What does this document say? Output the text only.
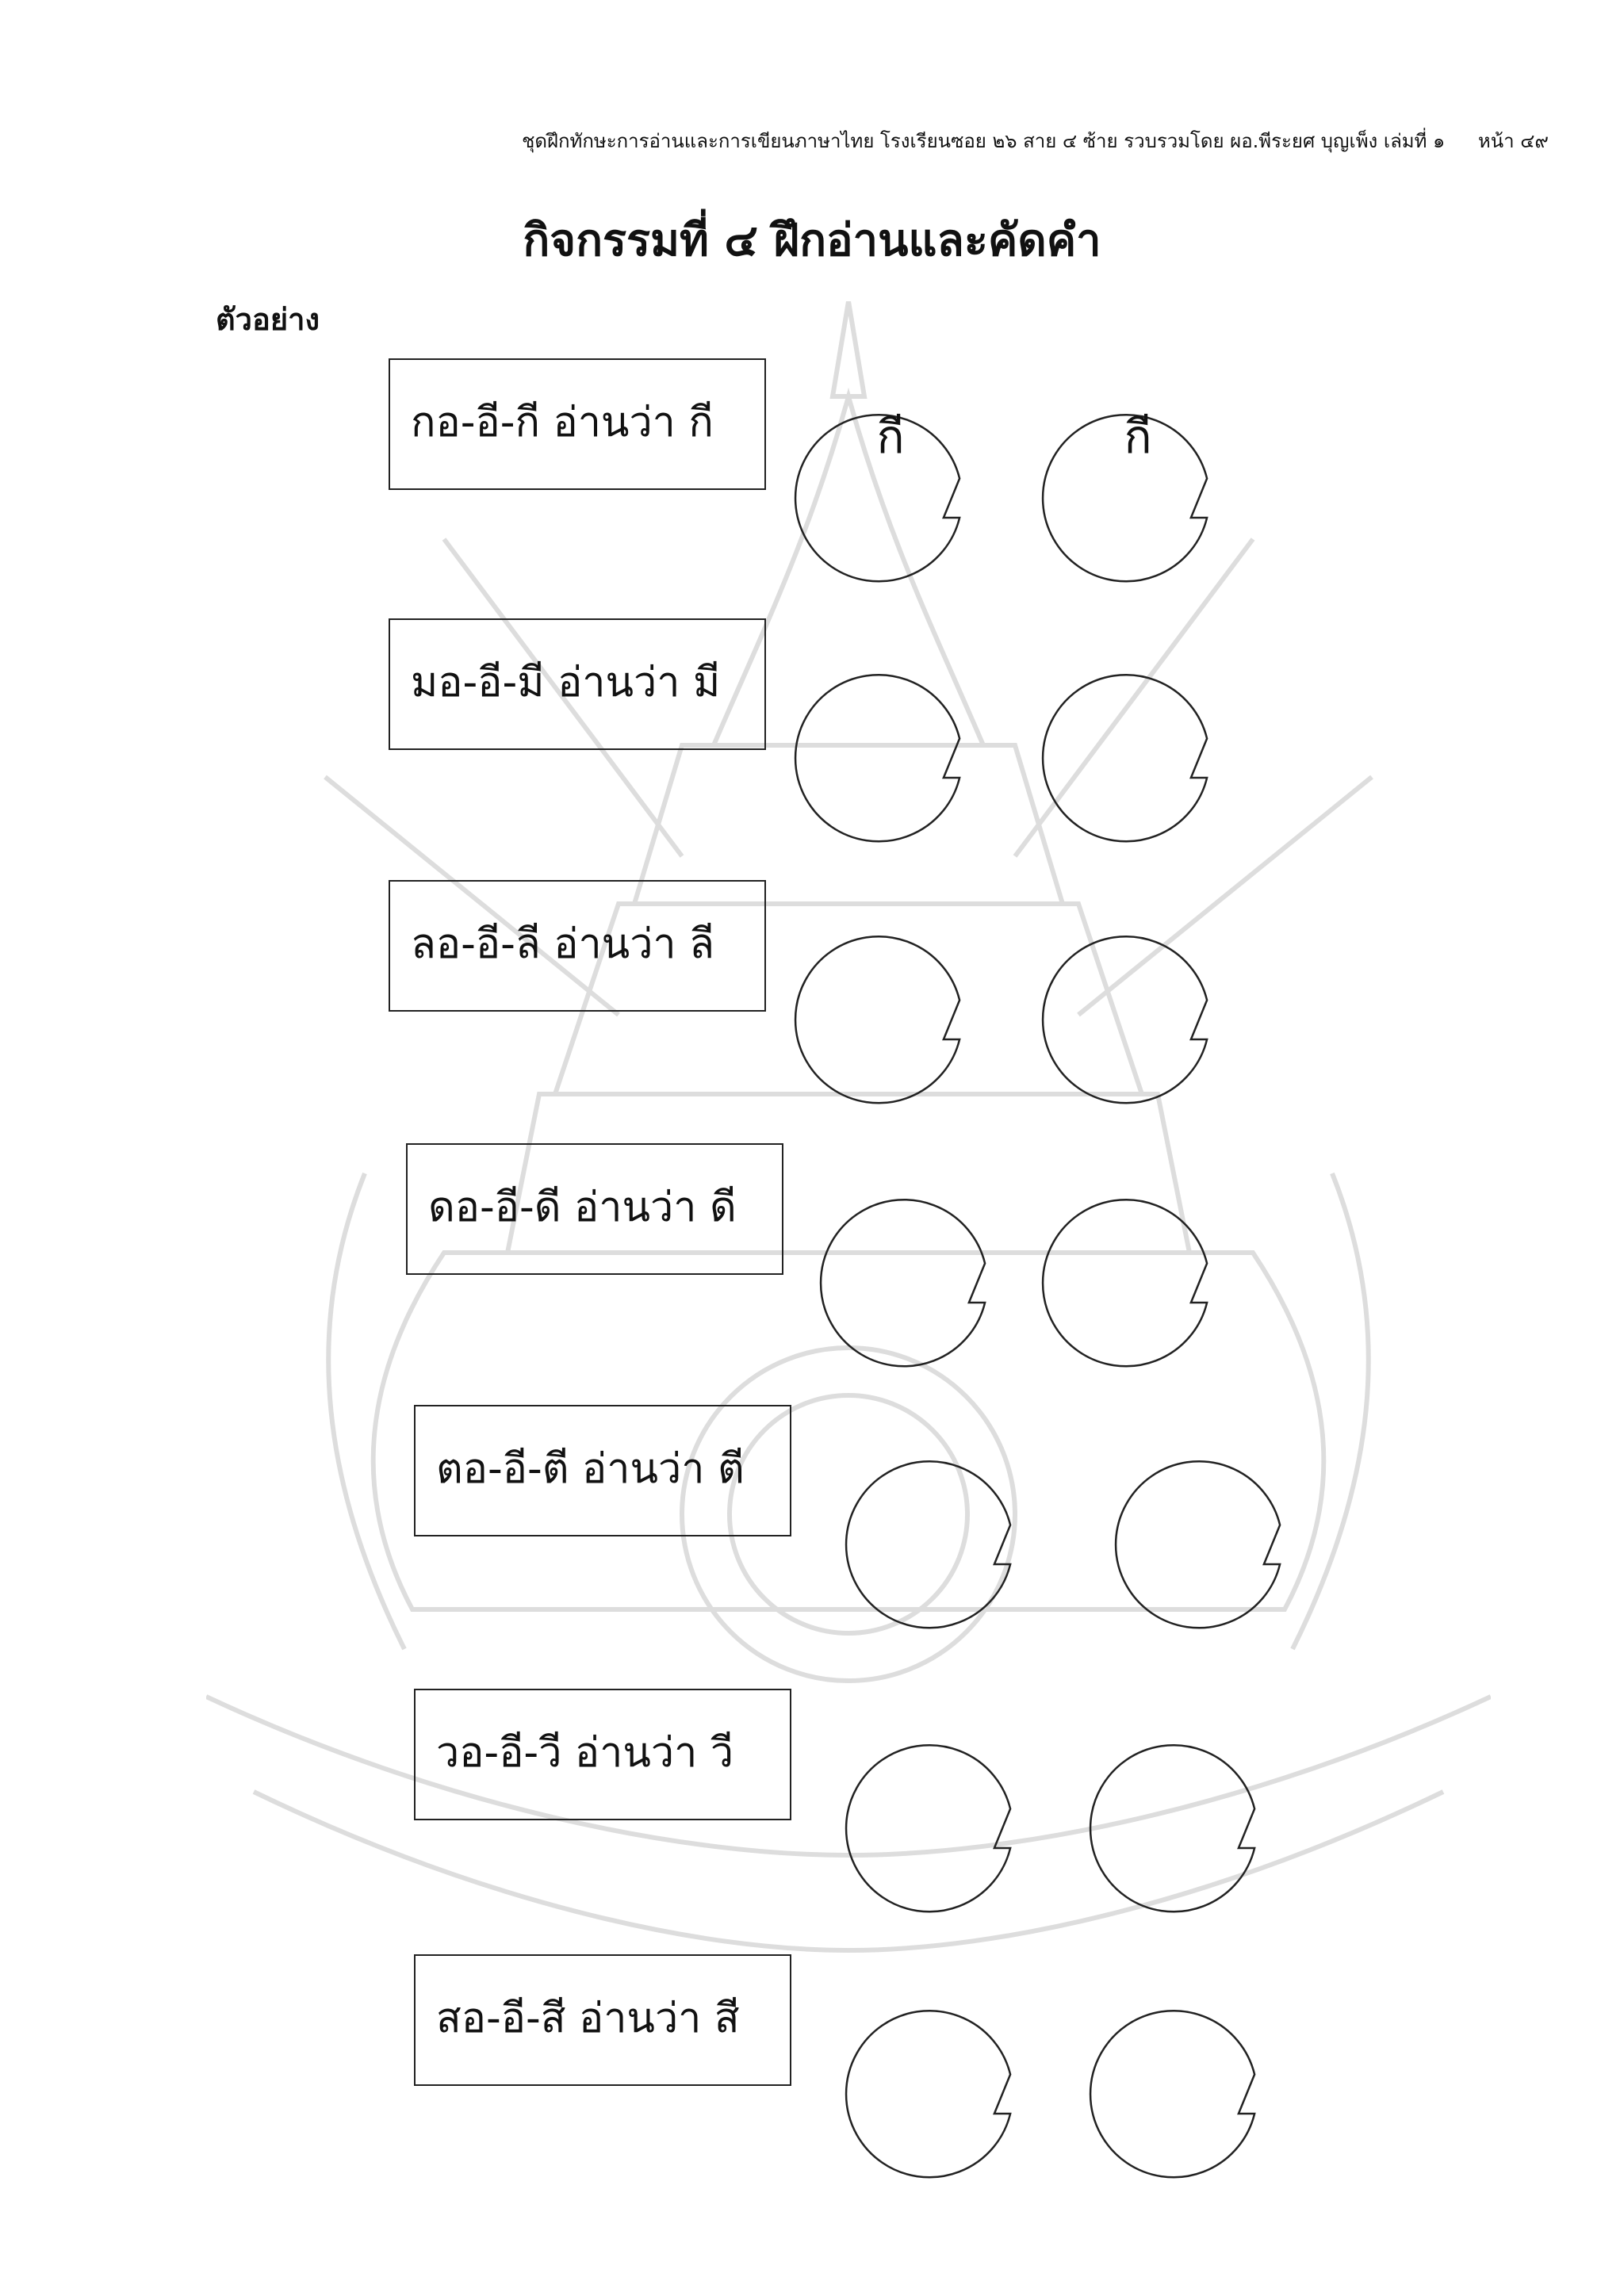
ชุดฝึกทักษะการอ่านและการเขียนภาษาไทย โรงเรียนซอย ๒๖ สาย ๔ ซ้าย รวบรวมโดย ผอ.พีระยศ บุญเพ็ง เล่มที่ ๑ หน้า ๔๙
กิจกรรมที่ ๔ ฝึกอ่านและคัดคำ
ตัวอย่าง
กอ-อี-กี อ่านว่า กี	กี	กี
มอ-อี-มี อ่านว่า มี
ลอ-อี-ลี อ่านว่า ลี
ดอ-อี-ดี อ่านว่า ดี
ตอ-อี-ตี อ่านว่า ตี
วอ-อี-วี อ่านว่า วี
สอ-อี-สี อ่านว่า สี
